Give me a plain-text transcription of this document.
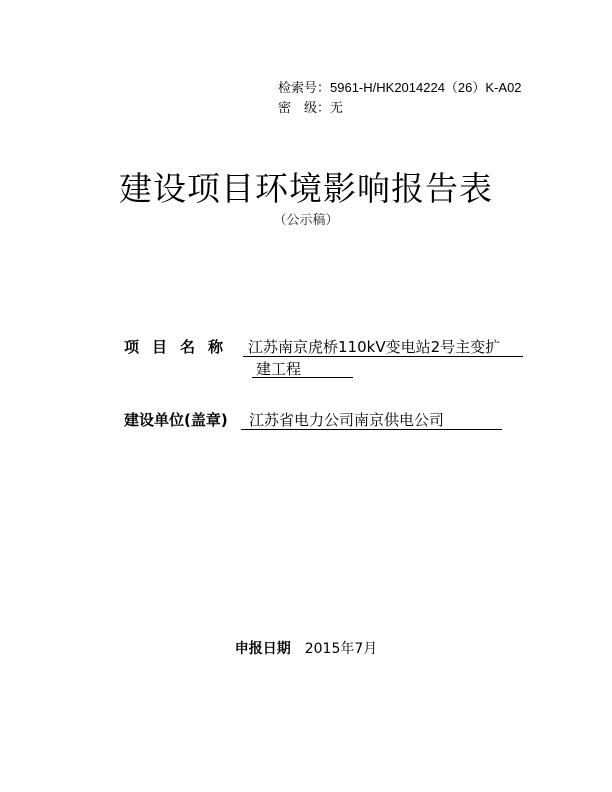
检索号：5961-H/HK2014224（26）K-A02
密　级：无
建设项目环境影响报告表
（公示稿）
项目名称 江苏南京虎桥110kV变电站2号主变扩
建工程
建设单位(盖章) 江苏省电力公司南京供电公司
申报日期 2015年7月
